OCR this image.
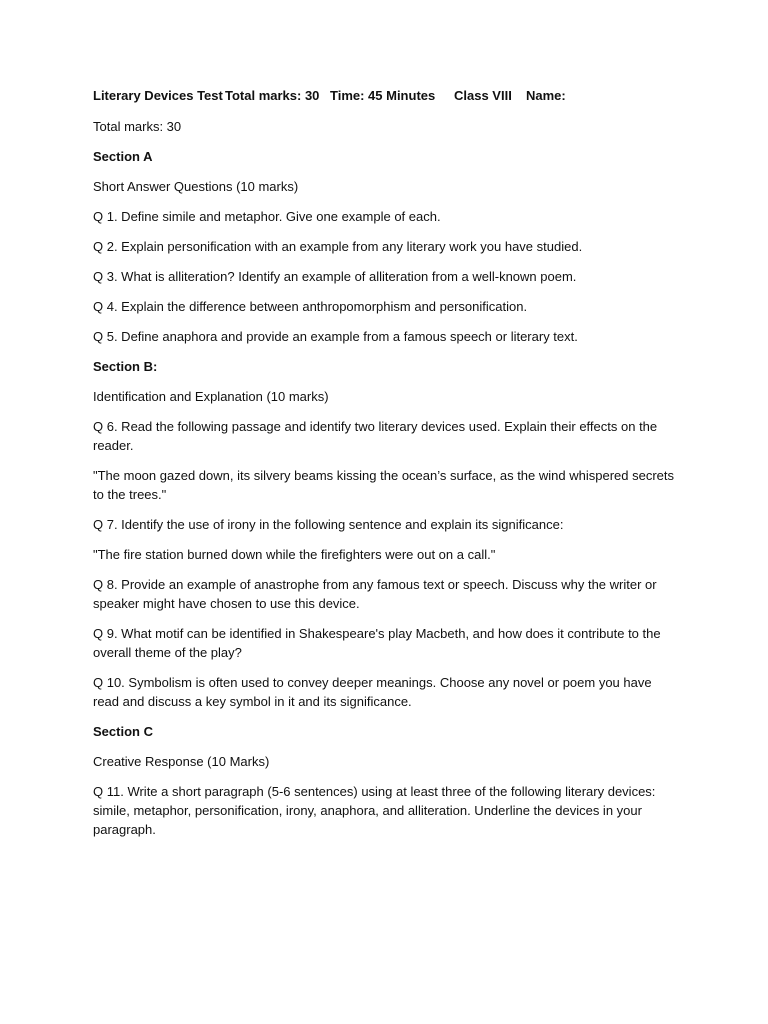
Literary Devices Test Total marks: 30 Time: 45 Minutes Class VIII Name:

Total marks: 30

Section A

Short Answer Questions (10 marks)

Q 1. Define simile and metaphor. Give one example of each.

Q 2. Explain personification with an example from any literary work you have studied.

Q 3. What is alliteration? Identify an example of alliteration from a well-known poem.

Q 4. Explain the difference between anthropomorphism and personification.

Q 5. Define anaphora and provide an example from a famous speech or literary text.

Section B:

Identification and Explanation (10 marks)

Q 6. Read the following passage and identify two literary devices used. Explain their effects on the reader.

"The moon gazed down, its silvery beams kissing the ocean’s surface, as the wind whispered secrets to the trees."

Q 7. Identify the use of irony in the following sentence and explain its significance:

"The fire station burned down while the firefighters were out on a call."

Q 8. Provide an example of anastrophe from any famous text or speech. Discuss why the writer or speaker might have chosen to use this device.

Q 9. What motif can be identified in Shakespeare's play Macbeth, and how does it contribute to the overall theme of the play?

Q 10. Symbolism is often used to convey deeper meanings. Choose any novel or poem you have read and discuss a key symbol in it and its significance.

Section C

Creative Response (10 Marks)

Q 11. Write a short paragraph (5-6 sentences) using at least three of the following literary devices: simile, metaphor, personification, irony, anaphora, and alliteration. Underline the devices in your paragraph.
